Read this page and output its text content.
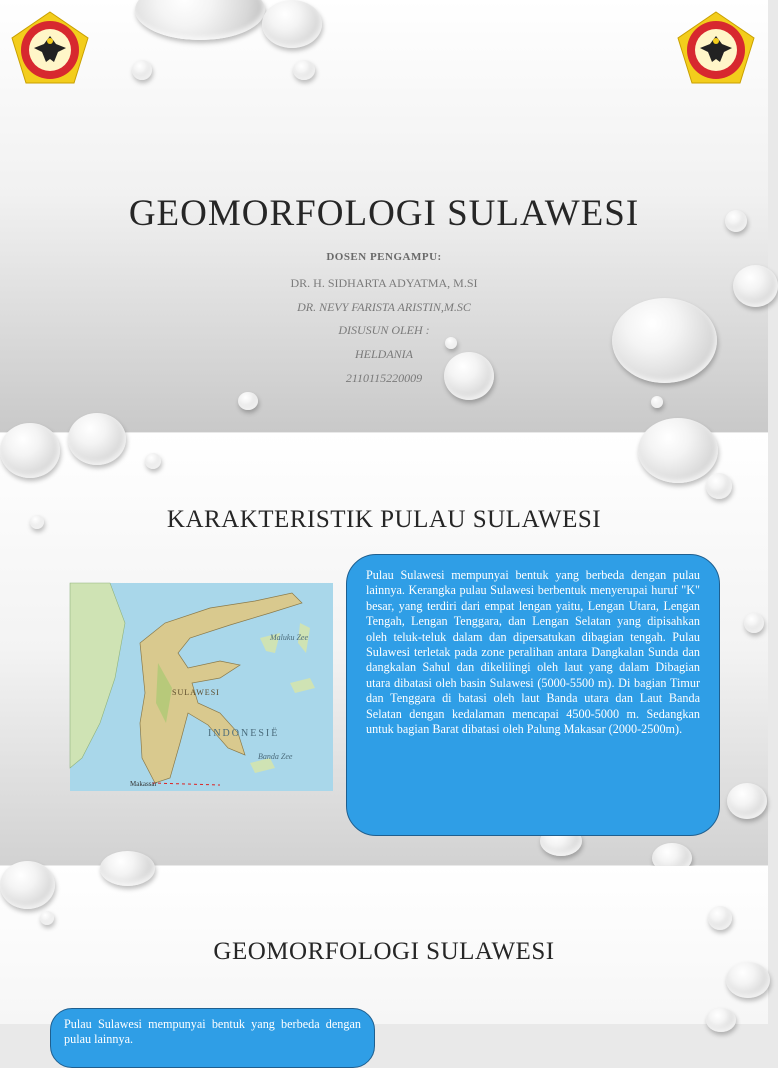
GEOMORFOLOGI SULAWESI
DOSEN PENGAMPU:
DR. H. SIDHARTA ADYATMA, M.SI
DR. NEVY FARISTA ARISTIN,M.SC
DISUSUN OLEH :
HELDANIA
2110115220009
KARAKTERISTIK PULAU SULAWESI
Maluku Zee
SULAWESI
INDONESIË
Banda Zee
Makassar
Pulau Sulawesi mempunyai bentuk yang berbeda dengan pulau lainnya. Kerangka pulau Sulawesi berbentuk menyerupai huruf "K" besar, yang terdiri dari empat lengan yaitu, Lengan Utara, Lengan Tengah, Lengan Tenggara, dan Lengan Selatan yang dipisahkan oleh teluk-teluk dalam dan dipersatukan dibagian tengah. Pulau Sulawesi terletak pada zone peralihan antara Dangkalan Sunda dan dangkalan Sahul dan dikelilingi oleh laut yang dalam Dibagian utara dibatasi oleh basin Sulawesi (5000-5500 m). Di bagian Timur dan Tenggara di batasi oleh laut Banda utara dan Laut Banda Selatan dengan kedalaman mencapai 4500-5000 m. Sedangkan untuk bagian Barat dibatasi oleh Palung Makasar (2000-2500m).
GEOMORFOLOGI SULAWESI
Pulau Sulawesi mempunyai bentuk yang berbeda dengan pulau lainnya.
